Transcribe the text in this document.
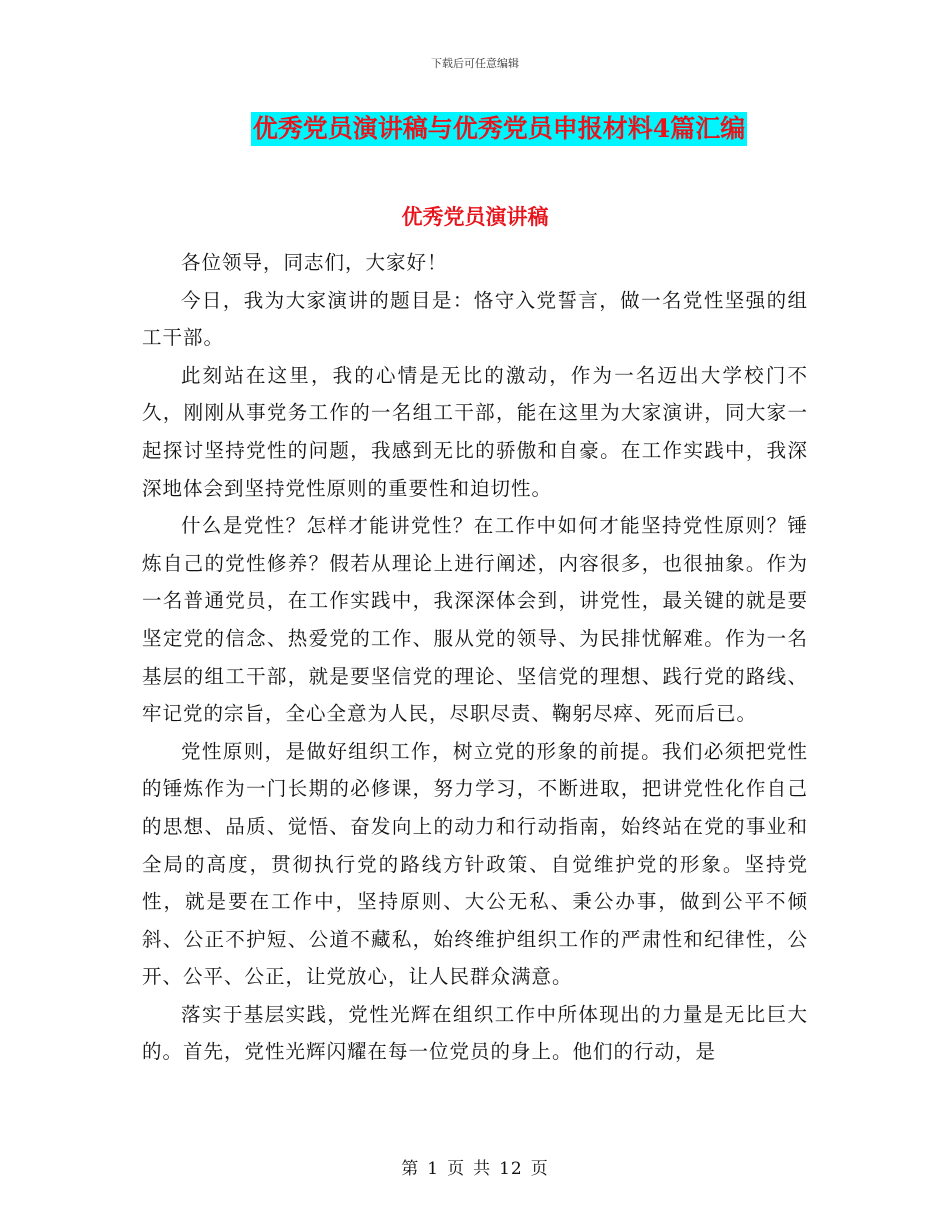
下载后可任意编辑
优秀党员演讲稿与优秀党员申报材料4篇汇编
优秀党员演讲稿

各位领导，同志们，大家好！

今日，我为大家演讲的题目是：恪守入党誓言，做一名党性坚强的组工干部。

此刻站在这里，我的心情是无比的激动，作为一名迈出大学校门不久，刚刚从事党务工作的一名组工干部，能在这里为大家演讲，同大家一起探讨坚持党性的问题，我感到无比的骄傲和自豪。在工作实践中，我深深地体会到坚持党性原则的重要性和迫切性。

什么是党性？怎样才能讲党性？在工作中如何才能坚持党性原则？锤炼自己的党性修养？假若从理论上进行阐述，内容很多，也很抽象。作为一名普通党员，在工作实践中，我深深体会到，讲党性，最关键的就是要坚定党的信念、热爱党的工作、服从党的领导、为民排忧解难。作为一名基层的组工干部，就是要坚信党的理论、坚信党的理想、践行党的路线、牢记党的宗旨，全心全意为人民，尽职尽责、鞠躬尽瘁、死而后已。

党性原则，是做好组织工作，树立党的形象的前提。我们必须把党性的锤炼作为一门长期的必修课，努力学习，不断进取，把讲党性化作自己的思想、品质、觉悟、奋发向上的动力和行动指南，始终站在党的事业和全局的高度，贯彻执行党的路线方针政策、自觉维护党的形象。坚持党性，就是要在工作中，坚持原则、大公无私、秉公办事，做到公平不倾斜、公正不护短、公道不藏私，始终维护组织工作的严肃性和纪律性，公开、公平、公正，让党放心，让人民群众满意。

落实于基层实践，党性光辉在组织工作中所体现出的力量是无比巨大的。首先，党性光辉闪耀在每一位党员的身上。他们的行动，是

第 1 页 共 12 页
